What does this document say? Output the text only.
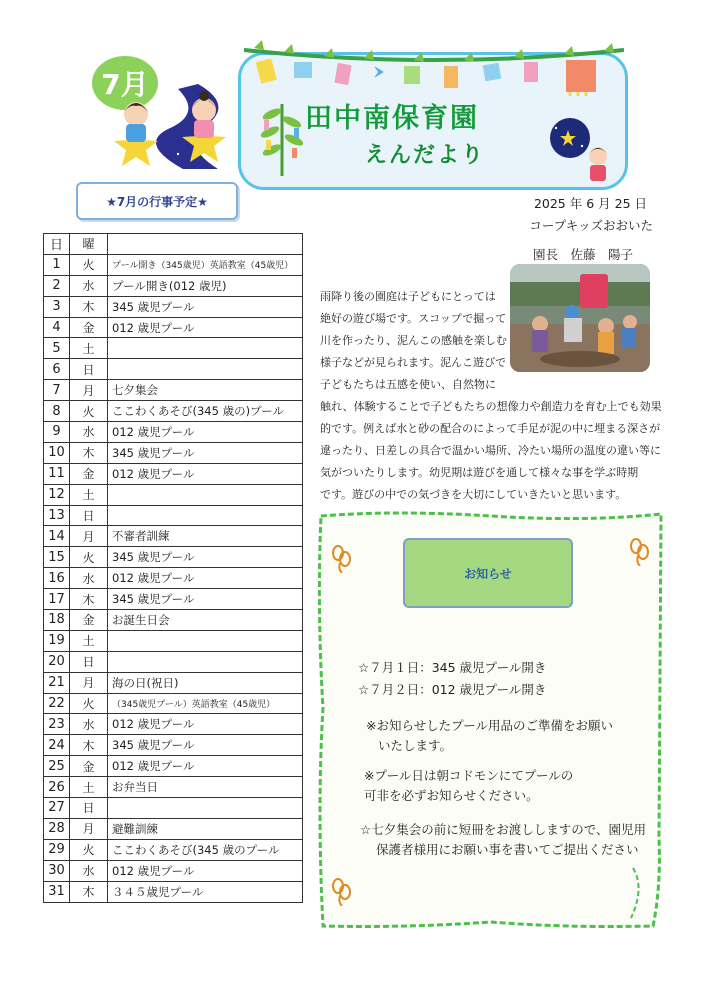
7月
田中南保育園
えんだより
★7月の行事予定★
日	曜	
1	火	プール開き（345歳児）英語教室（45歳児）
2	水	プール開き(012 歳児)
3	木	345 歳児プール
4	金	012 歳児プール
5	土	
6	日	
7	月	七夕集会
8	火	ここわくあそび(345 歳の)プール
9	水	012 歳児プール
10	木	345 歳児プール
11	金	012 歳児プール
12	土	
13	日	
14	月	不審者訓練
15	火	345 歳児プール
16	水	012 歳児プール
17	木	345 歳児プール
18	金	お誕生日会
19	土	
20	日	
21	月	海の日(祝日)
22	火	（345歳児プール）英語教室（45歳児）
23	水	012 歳児プール
24	木	345 歳児プール
25	金	012 歳児プール
26	土	お弁当日
27	日	
28	月	避難訓練
29	火	ここわくあそび(345 歳のプール
30	水	012 歳児プール
31	木	３４５歳児プール
2025 年 6 月 25 日
コープキッズおおいた
園長　佐藤　陽子
雨降り後の園庭は子どもにとっては
絶好の遊び場です。スコップで掘って
川を作ったり、泥んこの感触を楽しむ
様子などが見られます。泥んこ遊びで
子どもたちは五感を使い、自然物に
触れ、体験することで子どもたちの想像力や創造力を育む上でも効果
的です。例えば水と砂の配合のによって手足が泥の中に埋まる深さが
違ったり、日差しの具合で温かい場所、冷たい場所の温度の違い等に
気がついたりします。幼児期は遊びを通して様々な事を学ぶ時期
です。遊びの中での気づきを大切にしていきたいと思います。
お知らせ
☆７月１日：345 歳児プール開き
☆７月２日：012 歳児プール開き
※お知らせしたプール用品のご準備をお願い
いたします。
※プール日は朝コドモンにてプールの
可非を必ずお知らせください。
☆七夕集会の前に短冊をお渡ししますので、園児用
保護者様用にお願い事を書いてご提出ください
